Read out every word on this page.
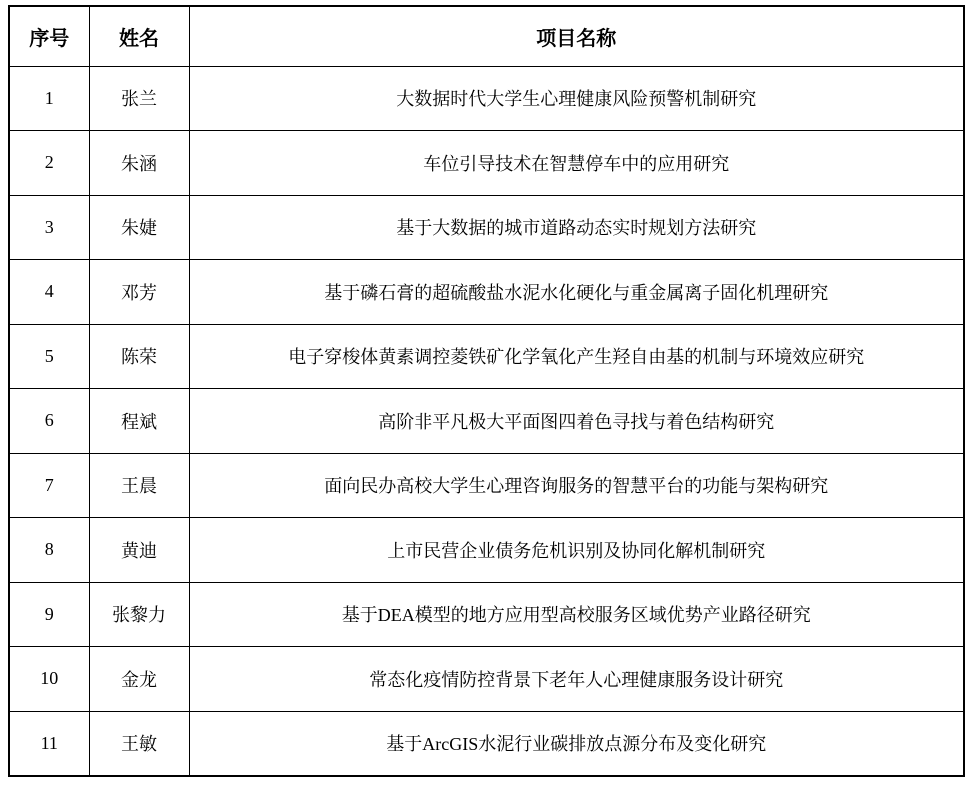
序号	姓名	项目名称
1	张兰	大数据时代大学生心理健康风险预警机制研究
2	朱涵	车位引导技术在智慧停车中的应用研究
3	朱婕	基于大数据的城市道路动态实时规划方法研究
4	邓芳	基于磷石膏的超硫酸盐水泥水化硬化与重金属离子固化机理研究
5	陈荣	电子穿梭体黄素调控菱铁矿化学氧化产生羟自由基的机制与环境效应研究
6	程斌	高阶非平凡极大平面图四着色寻找与着色结构研究
7	王晨	面向民办高校大学生心理咨询服务的智慧平台的功能与架构研究
8	黄迪	上市民营企业债务危机识别及协同化解机制研究
9	张黎力	基于DEA模型的地方应用型高校服务区域优势产业路径研究
10	金龙	常态化疫情防控背景下老年人心理健康服务设计研究
11	王敏	基于ArcGIS水泥行业碳排放点源分布及变化研究
